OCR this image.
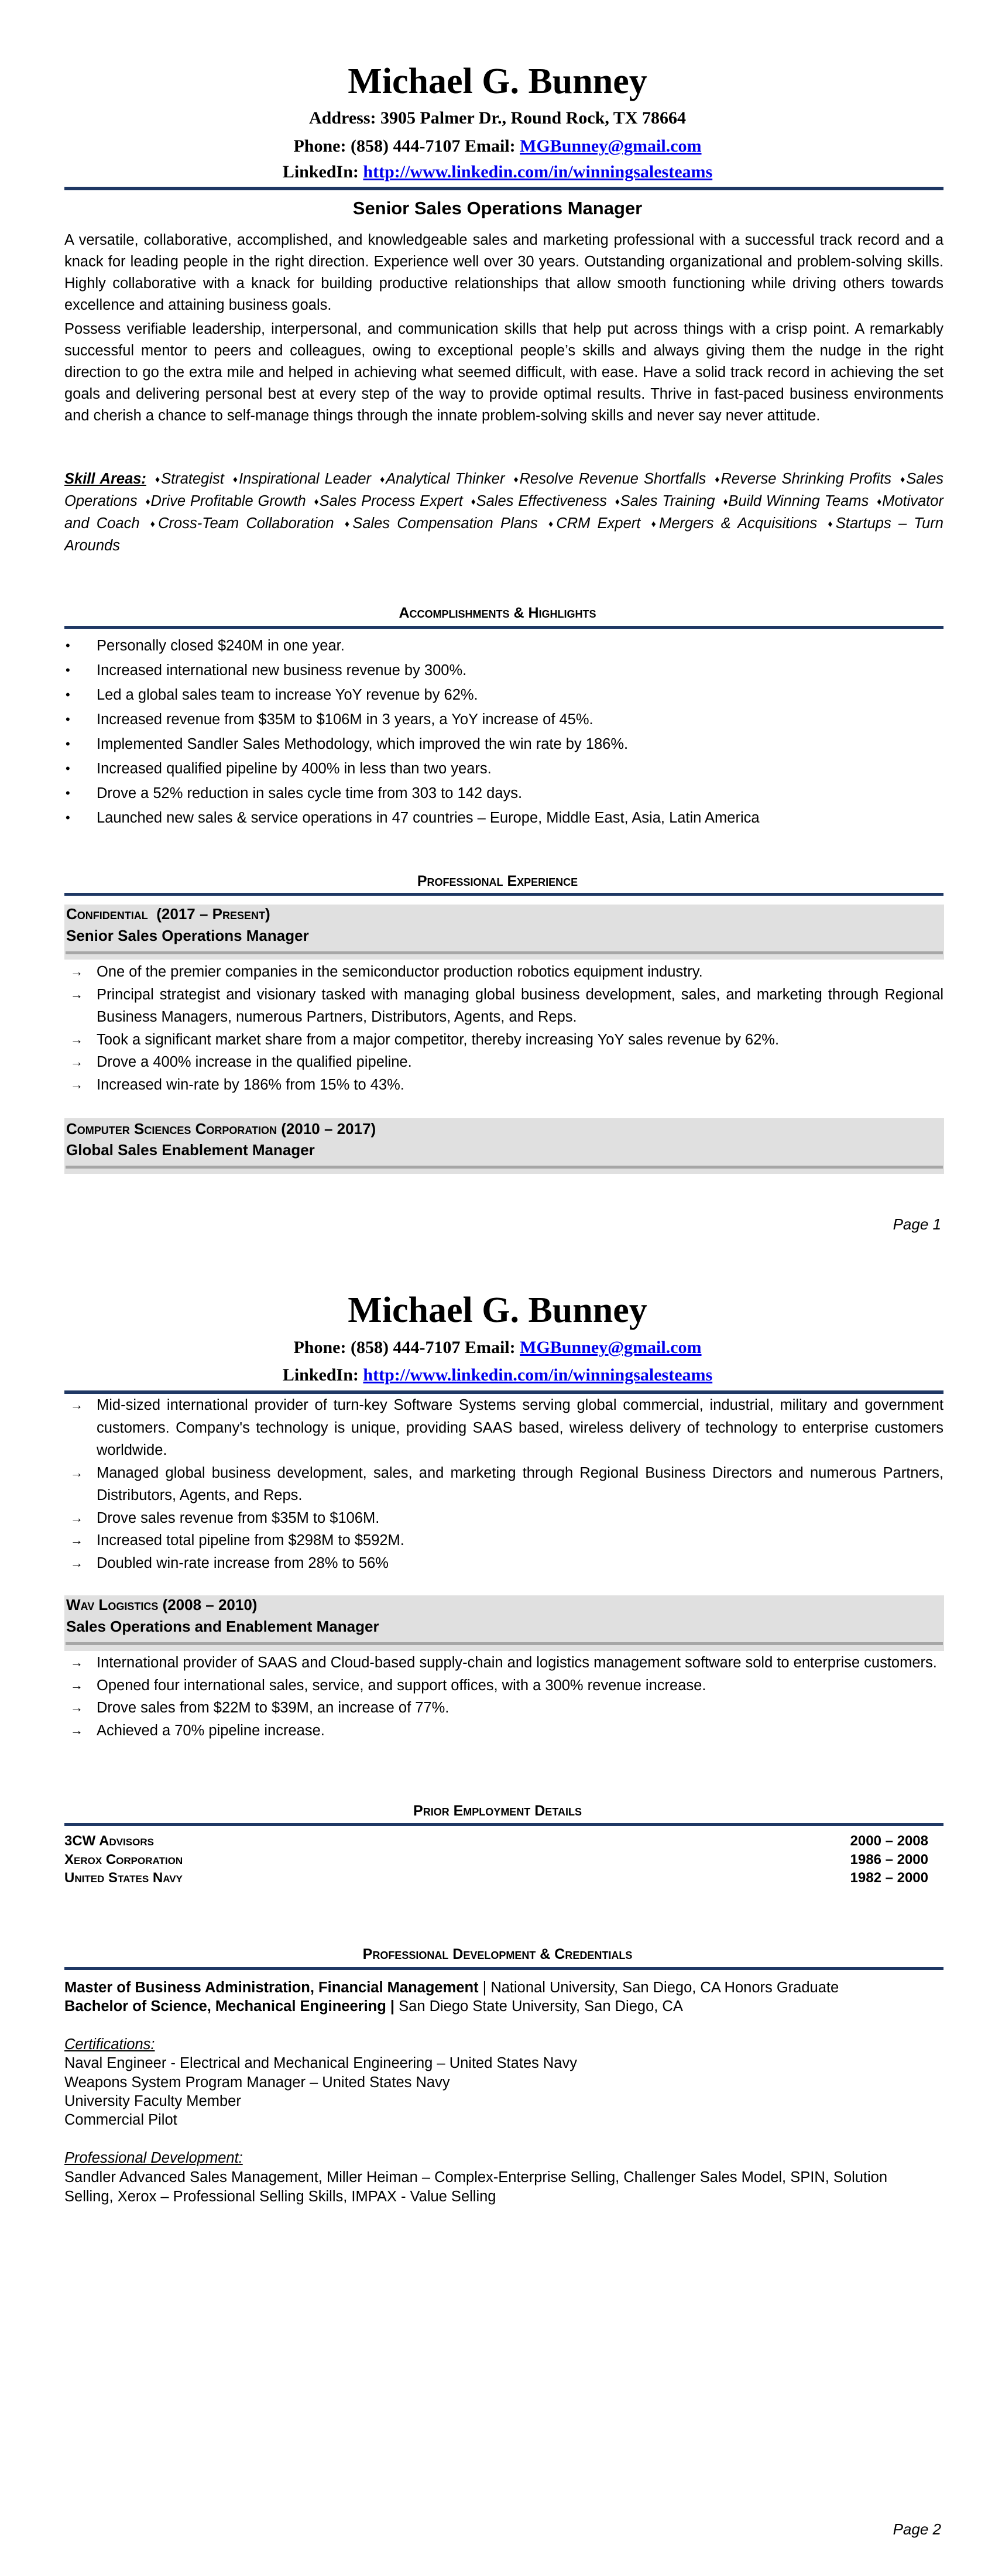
Michael G. Bunney
Address: 3905 Palmer Dr., Round Rock, TX 78664
Phone: (858) 444-7107 Email: MGBunney@gmail.com
LinkedIn: http://www.linkedin.com/in/winningsalesteams
Senior Sales Operations Manager

A versatile, collaborative, accomplished, and knowledgeable sales and marketing professional with a successful track record and a knack for leading people in the right direction. Experience well over 30 years. Outstanding organizational and problem-solving skills. Highly collaborative with a knack for building productive relationships that allow smooth functioning while driving others towards excellence and attaining business goals.

Possess verifiable leadership, interpersonal, and communication skills that help put across things with a crisp point. A remarkably successful mentor to peers and colleagues, owing to exceptional people’s skills and always giving them the nudge in the right direction to go the extra mile and helped in achieving what seemed difficult, with ease. Have a solid track record in achieving the set goals and delivering personal best at every step of the way to provide optimal results. Thrive in fast-paced business environments and cherish a chance to self-manage things through the innate problem-solving skills and never say never attitude.

Skill Areas: ♦Strategist ♦Inspirational Leader ♦Analytical Thinker ♦Resolve Revenue Shortfalls ♦Reverse Shrinking Profits ♦Sales Operations ♦Drive Profitable Growth ♦Sales Process Expert ♦Sales Effectiveness ♦Sales Training ♦Build Winning Teams ♦Motivator and Coach ♦Cross-Team Collaboration ♦Sales Compensation Plans ♦CRM Expert ♦Mergers & Acquisitions ♦Startups – Turn Arounds
Accomplishments & Highlights
• Personally closed $240M in one year.
• Increased international new business revenue by 300%.
• Led a global sales team to increase YoY revenue by 62%.
• Increased revenue from $35M to $106M in 3 years, a YoY increase of 45%.
• Implemented Sandler Sales Methodology, which improved the win rate by 186%.
• Increased qualified pipeline by 400% in less than two years.
• Drove a 52% reduction in sales cycle time from 303 to 142 days.
• Launched new sales & service operations in 47 countries – Europe, Middle East, Asia, Latin America
Professional Experience
Confidential (2017 – Present)
Senior Sales Operations Manager
→ One of the premier companies in the semiconductor production robotics equipment industry.
→ Principal strategist and visionary tasked with managing global business development, sales, and marketing through Regional Business Managers, numerous Partners, Distributors, Agents, and Reps.
→ Took a significant market share from a major competitor, thereby increasing YoY sales revenue by 62%.
→ Drove a 400% increase in the qualified pipeline.
→ Increased win-rate by 186% from 15% to 43%.
Computer Sciences Corporation (2010 – 2017)
Global Sales Enablement Manager
Page 1
Michael G. Bunney
Phone: (858) 444-7107 Email: MGBunney@gmail.com
LinkedIn: http://www.linkedin.com/in/winningsalesteams
→ Mid-sized international provider of turn-key Software Systems serving global commercial, industrial, military and government customers. Company's technology is unique, providing SAAS based, wireless delivery of technology to enterprise customers worldwide.
→ Managed global business development, sales, and marketing through Regional Business Directors and numerous Partners, Distributors, Agents, and Reps.
→ Drove sales revenue from $35M to $106M.
→ Increased total pipeline from $298M to $592M.
→ Doubled win-rate increase from 28% to 56%
Wav Logistics (2008 – 2010)
Sales Operations and Enablement Manager
→ International provider of SAAS and Cloud-based supply-chain and logistics management software sold to enterprise customers.
→ Opened four international sales, service, and support offices, with a 300% revenue increase.
→ Drove sales from $22M to $39M, an increase of 77%.
→ Achieved a 70% pipeline increase.
Prior Employment Details
3CW Advisors	2000 – 2008
Xerox Corporation	1986 – 2000
United States Navy	1982 – 2000
Professional Development & Credentials
Master of Business Administration, Financial Management | National University, San Diego, CA Honors Graduate
Bachelor of Science, Mechanical Engineering | San Diego State University, San Diego, CA
Certifications:
Naval Engineer - Electrical and Mechanical Engineering – United States Navy
Weapons System Program Manager – United States Navy
University Faculty Member
Commercial Pilot
Professional Development:
Sandler Advanced Sales Management, Miller Heiman – Complex-Enterprise Selling, Challenger Sales Model, SPIN, Solution Selling, Xerox – Professional Selling Skills, IMPAX - Value Selling
Page 2
